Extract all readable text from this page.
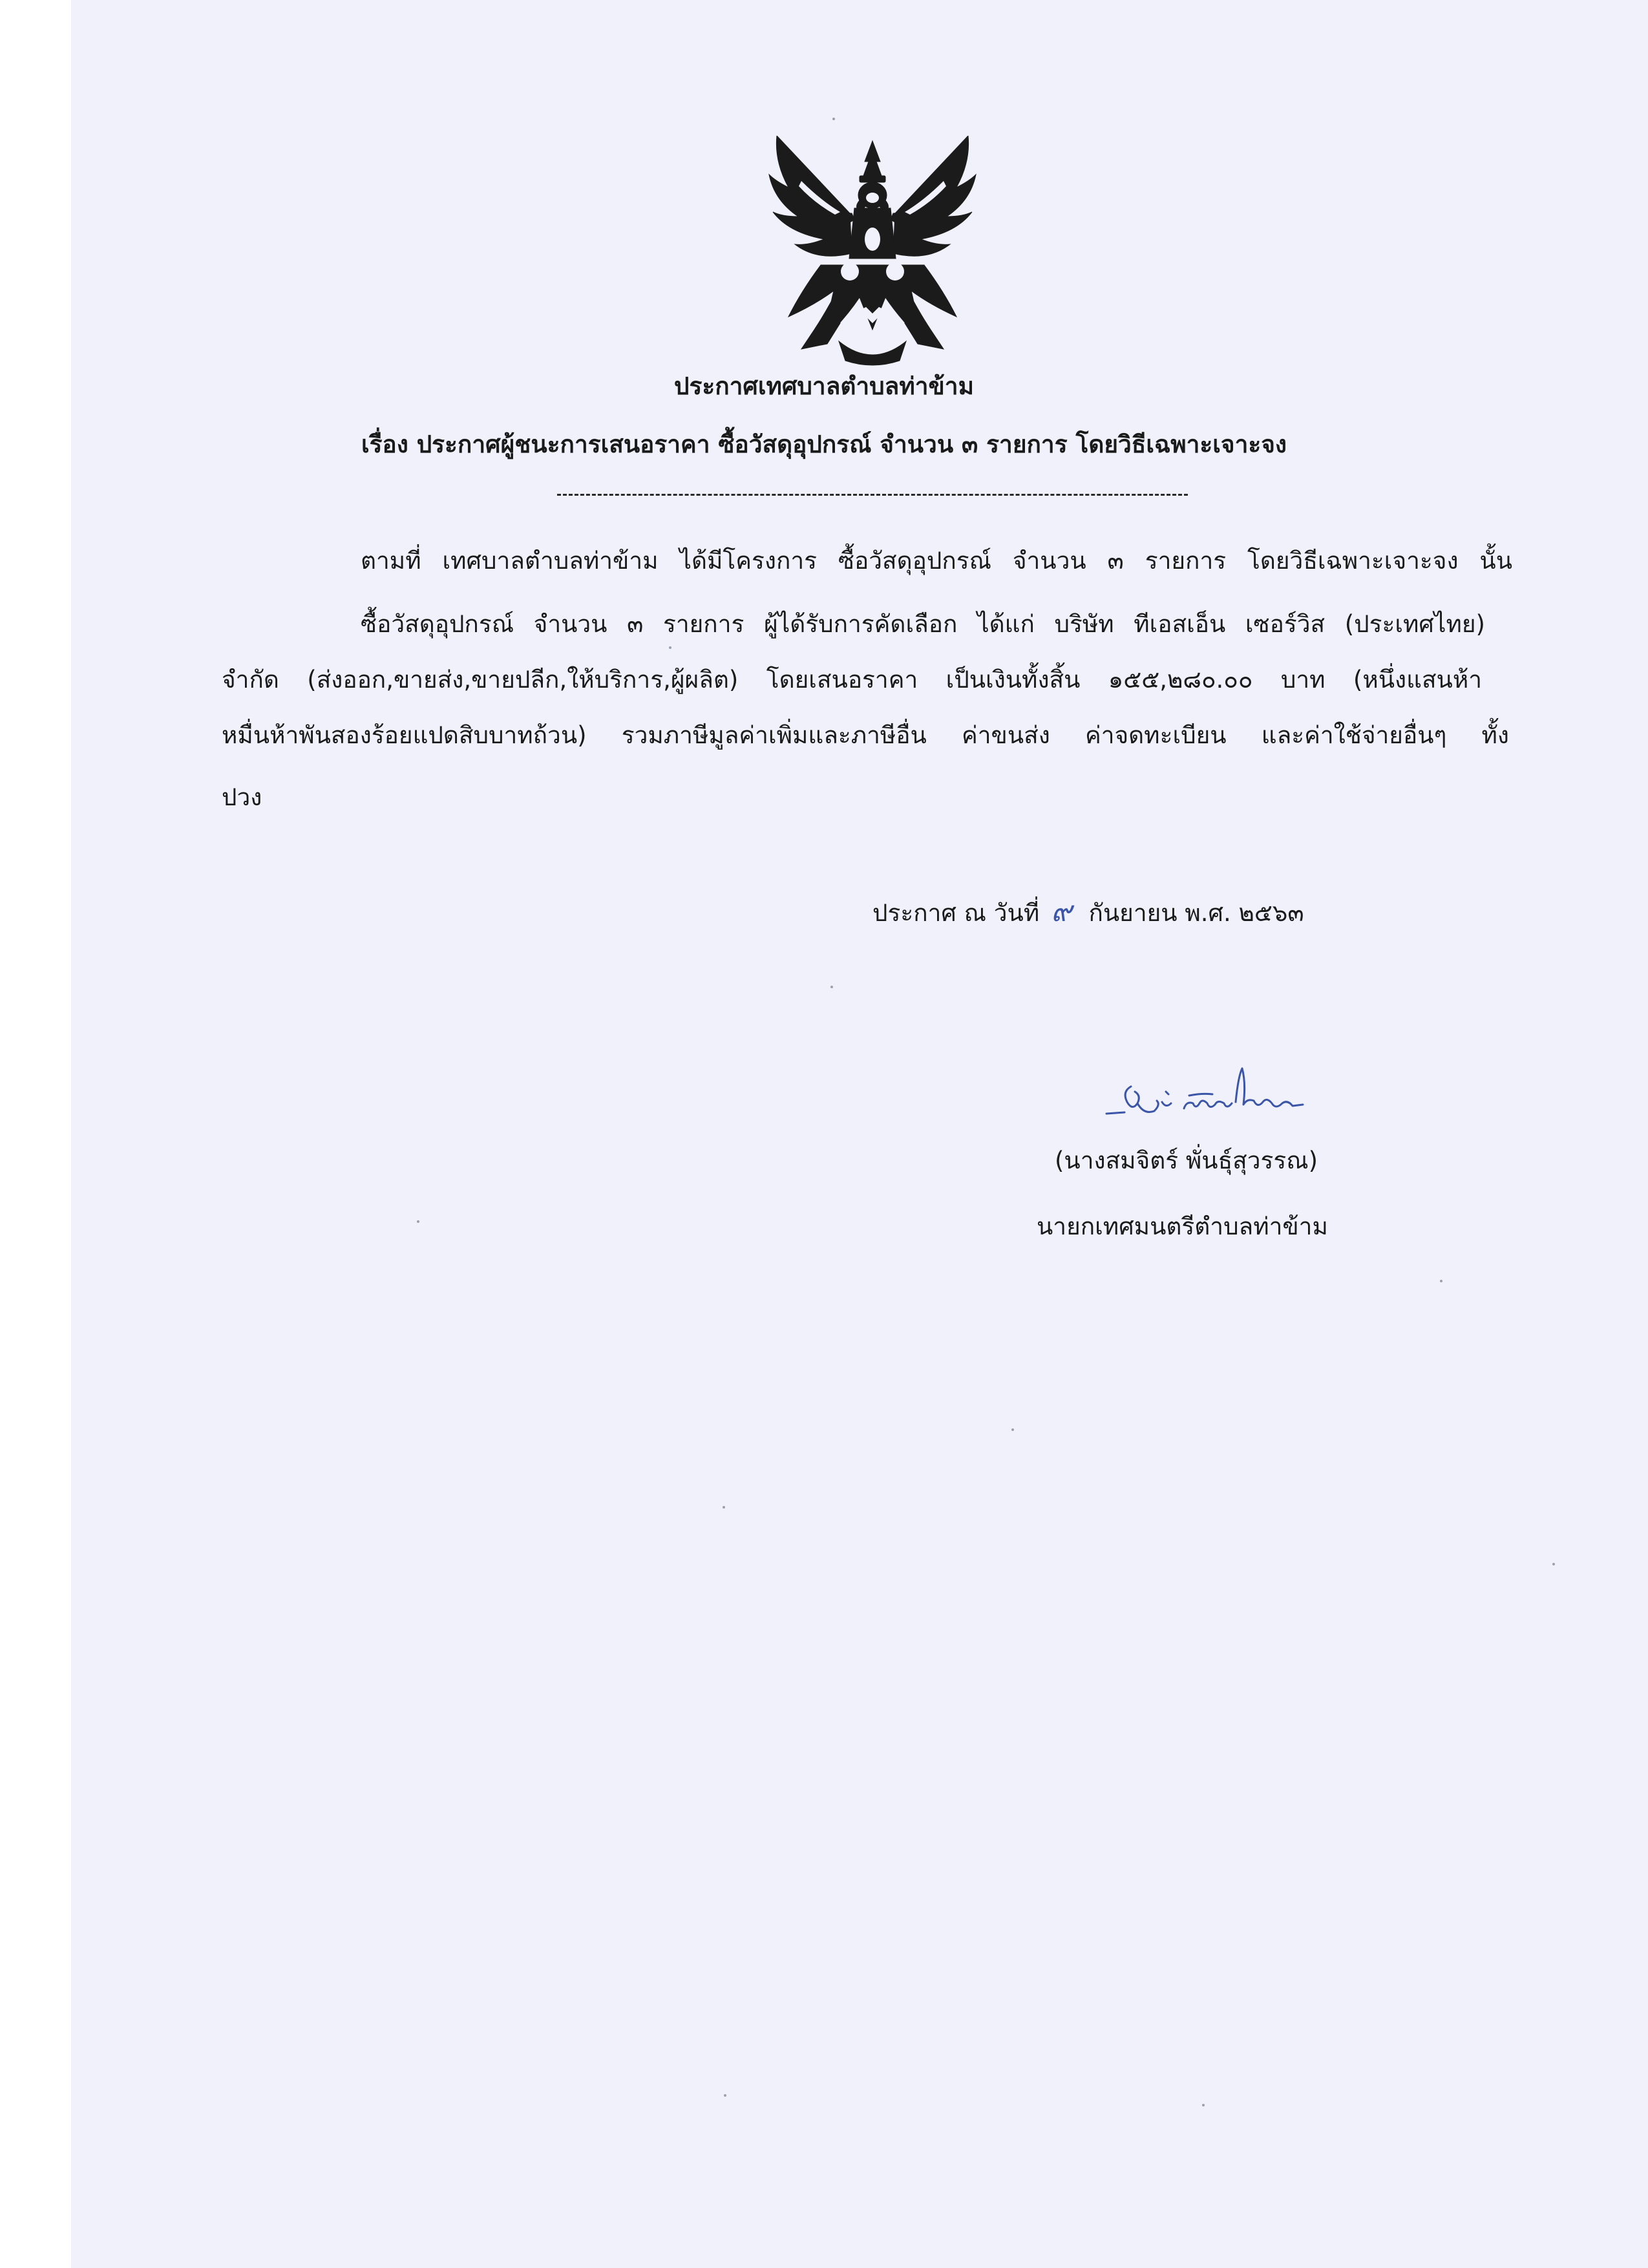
ประกาศเทศบาลตำบลท่าข้าม
เรื่อง ประกาศผู้ชนะการเสนอราคา ซื้อวัสดุอุปกรณ์ จำนวน ๓ รายการ โดยวิธีเฉพาะเจาะจง
ตามที่ เทศบาลตำบลท่าข้าม ได้มีโครงการ ซื้อวัสดุอุปกรณ์ จำนวน ๓ รายการ โดยวิธีเฉพาะเจาะจง นั้น
ซื้อวัสดุอุปกรณ์ จำนวน ๓ รายการ ผู้ได้รับการคัดเลือก ได้แก่ บริษัท ทีเอสเอ็น เซอร์วิส (ประเทศไทย)
จำกัด (ส่งออก,ขายส่ง,ขายปลีก,ให้บริการ,ผู้ผลิต) โดยเสนอราคา เป็นเงินทั้งสิ้น ๑๕๕,๒๘๐.๐๐ บาท (หนึ่งแสนห้า
หมื่นห้าพันสองร้อยแปดสิบบาทถ้วน) รวมภาษีมูลค่าเพิ่มและภาษีอื่น ค่าขนส่ง ค่าจดทะเบียน และค่าใช้จ่ายอื่นๆ ทั้ง
ปวง
ประกาศ ณ วันที่ ๙ กันยายน พ.ศ. ๒๕๖๓
(นางสมจิตร์ พั่นธุ์สุวรรณ)
นายกเทศมนตรีตำบลท่าข้าม
